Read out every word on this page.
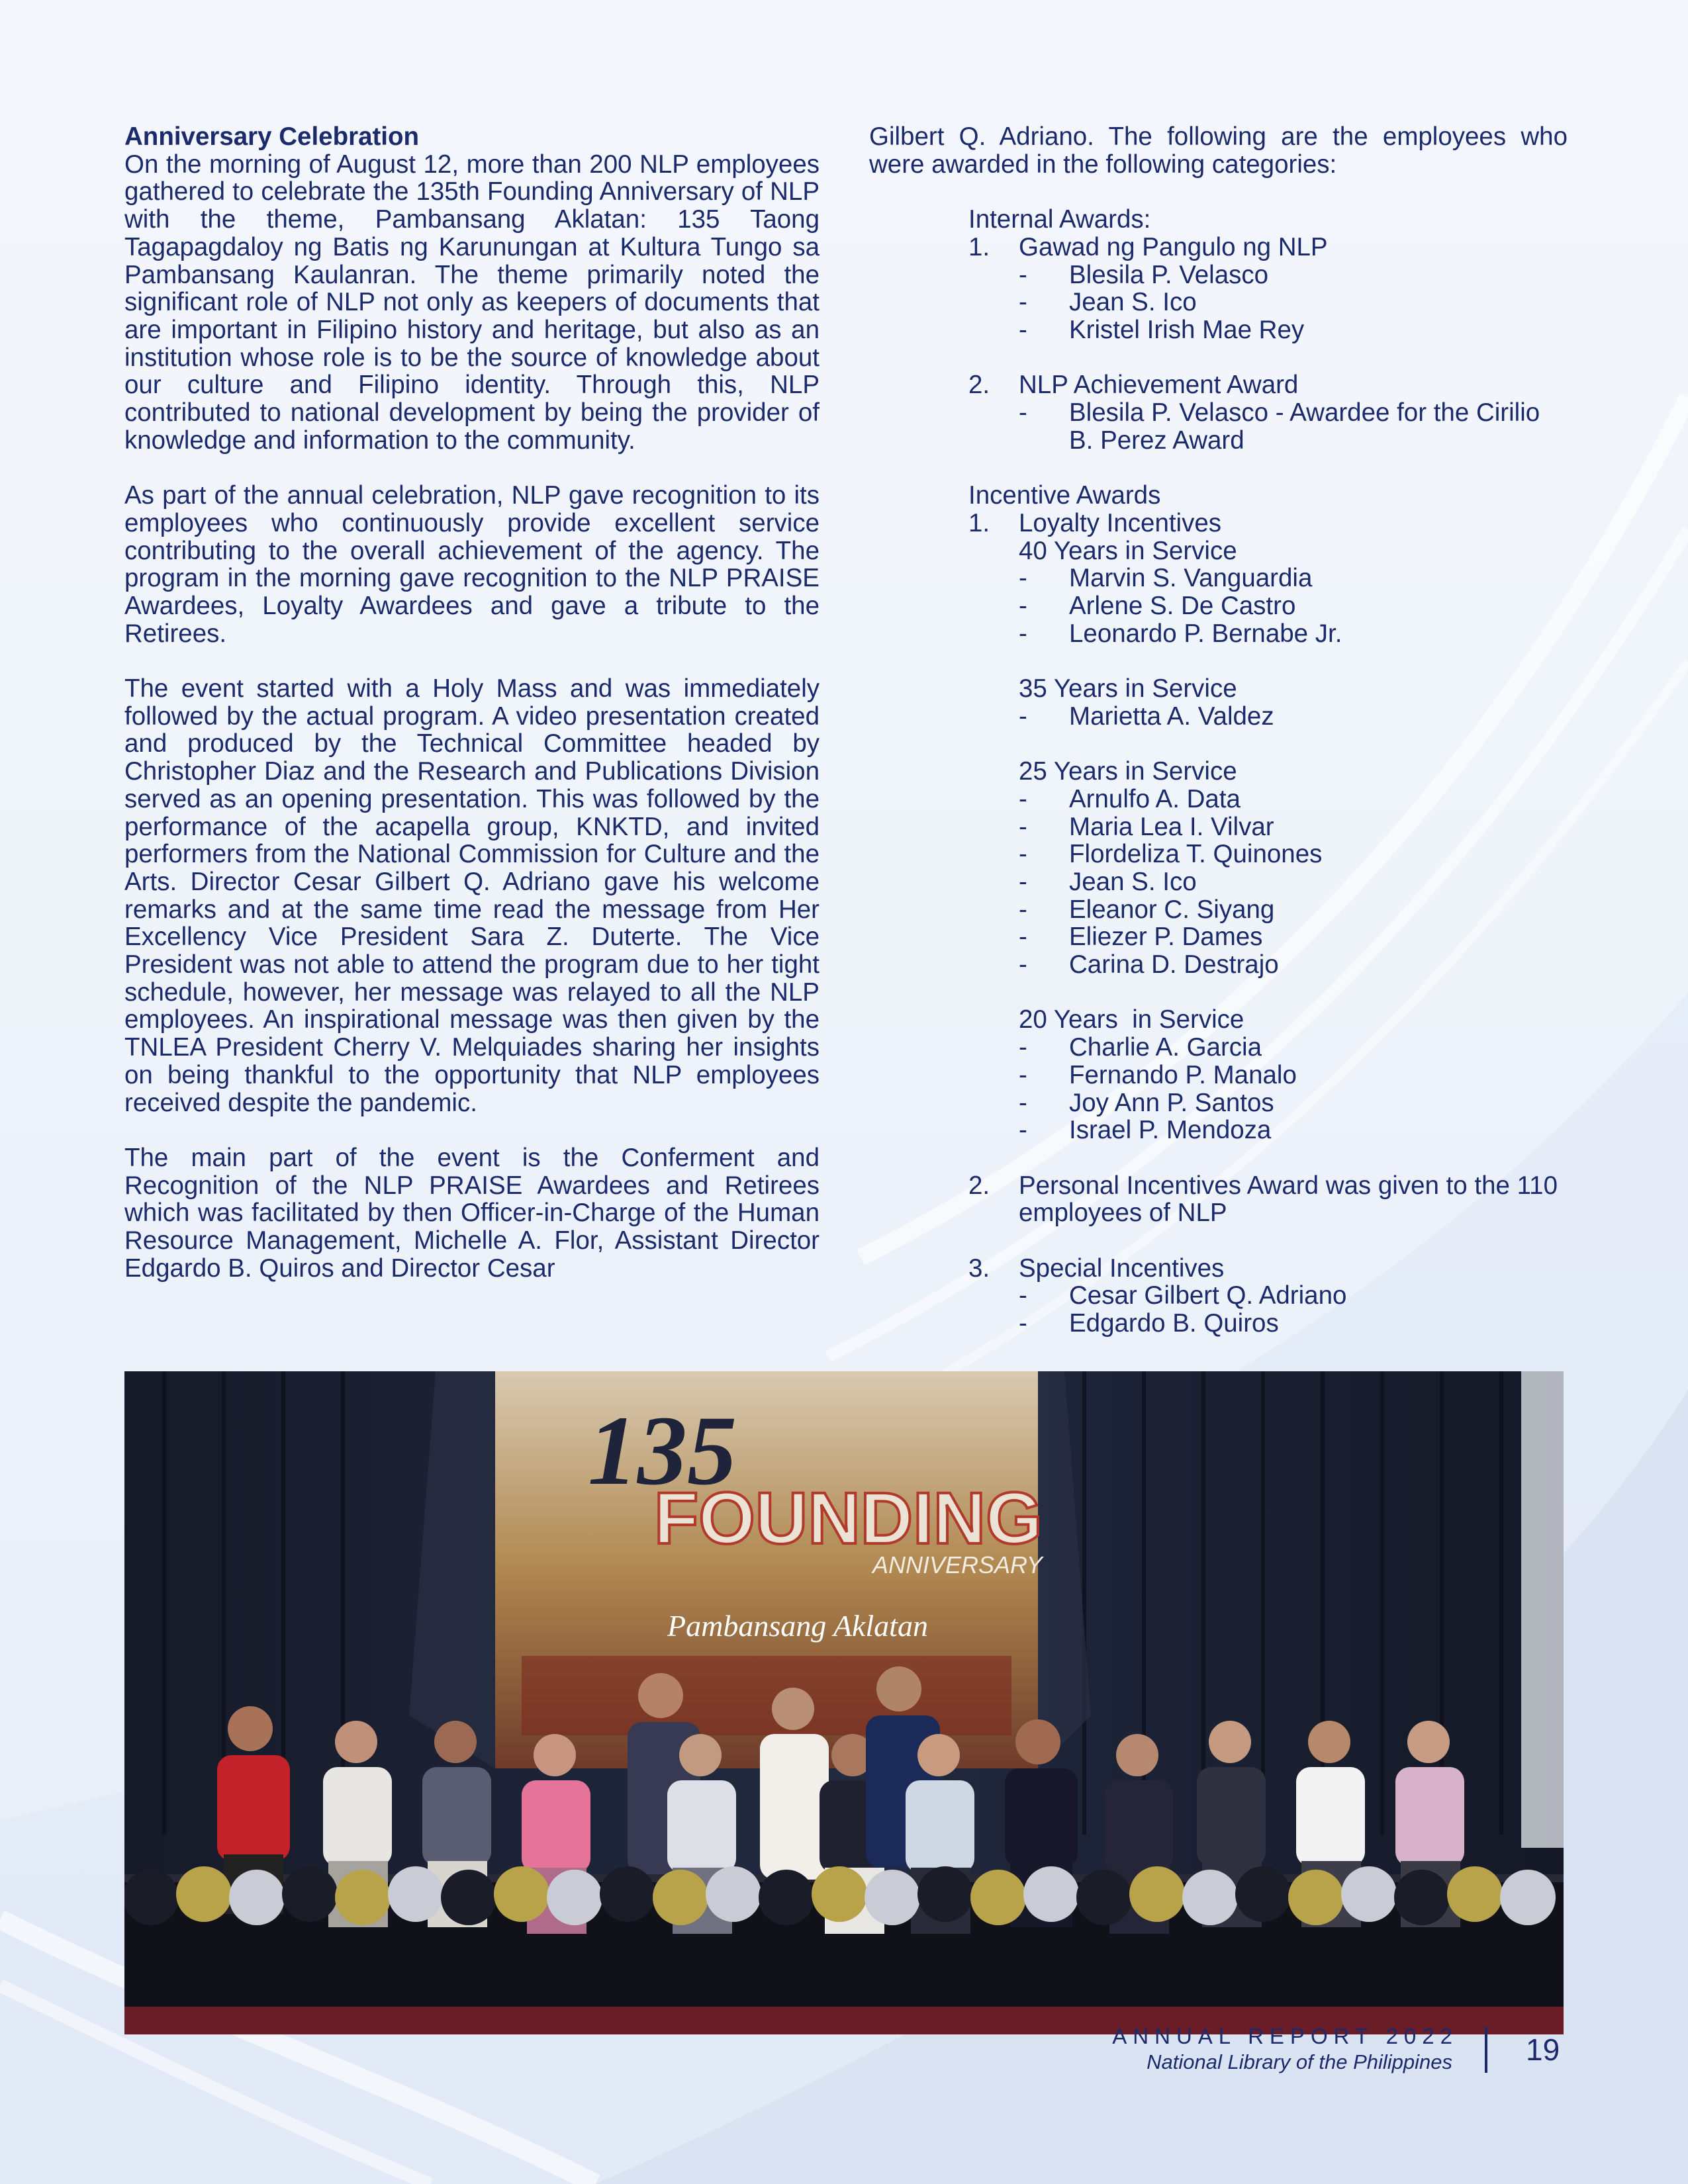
Anniversary Celebration

On the morning of August 12, more than 200 NLP employees gathered to celebrate the 135th Founding Anniversary of NLP with the theme, Pambansang Aklatan: 135 Taong Tagapagdaloy ng Batis ng Karunungan at Kultura Tungo sa Pambansang Kaulanran. The theme primarily noted the significant role of NLP not only as keepers of documents that are important in Filipino history and heritage, but also as an institution whose role is to be the source of knowledge about our culture and Filipino identity. Through this, NLP contributed to national development by being the provider of knowledge and information to the community.

As part of the annual celebration, NLP gave recognition to its employees who continuously provide excellent service contributing to the overall achievement of the agency. The program in the morning gave recognition to the NLP PRAISE Awardees, Loyalty Awardees and gave a tribute to the Retirees.

The event started with a Holy Mass and was immediately followed by the actual program. A video presentation created and produced by the Technical Committee headed by Christopher Diaz and the Research and Publications Division served as an opening presentation. This was followed by the performance of the acapella group, KNKTD, and invited performers from the National Commission for Culture and the Arts. Director Cesar Gilbert Q. Adriano gave his welcome remarks and at the same time read the message from Her Excellency Vice President Sara Z. Duterte. The Vice President was not able to attend the program due to her tight schedule, however, her message was relayed to all the NLP employees. An inspirational message was then given by the TNLEA President Cherry V. Melquiades sharing her insights on being thankful to the opportunity that NLP employees received despite the pandemic.

The main part of the event is the Conferment and Recognition of the NLP PRAISE Awardees and Retirees which was facilitated by then Officer-in-Charge of the Human Resource Management, Michelle A. Flor, Assistant Director Edgardo B. Quiros and Director Cesar

Gilbert Q. Adriano. The following are the employees who were awarded in the following categories:

Internal Awards:

1.	Gawad ng Pangulo ng NLP
-	Blesila P. Velasco
-	Jean S. Ico
-	Kristel Irish Mae Rey
2.	NLP Achievement Award
-	Blesila P. Velasco - Awardee for the Cirilio B. Perez Award

Incentive Awards

1.	Loyalty Incentives

40 Years in Service

-	Marvin S. Vanguardia
-	Arlene S. De Castro
-	Leonardo P. Bernabe Jr.

35 Years in Service

-	Marietta A. Valdez

25 Years in Service

-	Arnulfo A. Data
-	Maria Lea I. Vilvar
-	Flordeliza T. Quinones
-	Jean S. Ico
-	Eleanor C. Siyang
-	Eliezer P. Dames
-	Carina D. Destrajo

20 Years  in Service

-	Charlie A. Garcia
-	Fernando P. Manalo
-	Joy Ann P. Santos
-	Israel P. Mendoza
2.	Personal Incentives Award was given to the 110 employees of NLP
3.	Special Incentives
-	Cesar Gilbert Q. Adriano
-	Edgardo B. Quiros
135
FOUNDING
ANNIVERSARY
Pambansang Aklatan
ANNUAL REPORT 2022
National Library of the Philippines 19
